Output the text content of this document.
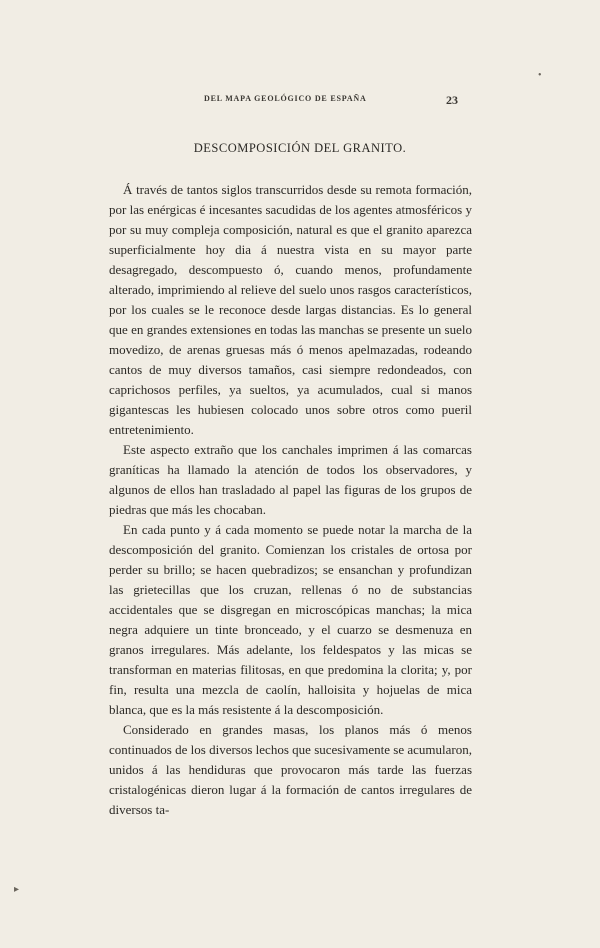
DEL MAPA GEOLÓGICO DE ESPAÑA	23
DESCOMPOSICIÓN DEL GRANITO.

Á través de tantos siglos transcurridos desde su remota formación, por las enérgicas é incesantes sacudidas de los agentes atmosféricos y por su muy compleja composición, natural es que el granito aparezca superficialmente hoy dia á nuestra vista en su mayor parte desagregado, descompuesto ó, cuando menos, profundamente alterado, imprimiendo al relieve del suelo unos rasgos característicos, por los cuales se le reconoce desde largas distancias. Es lo general que en grandes extensiones en todas las manchas se presente un suelo movedizo, de arenas gruesas más ó menos apelmazadas, rodeando cantos de muy diversos tamaños, casi siempre redondeados, con caprichosos perfiles, ya sueltos, ya acumulados, cual si manos gigantescas les hubiesen colocado unos sobre otros como pueril entretenimiento.

Este aspecto extraño que los canchales imprimen á las comarcas graníticas ha llamado la atención de todos los observadores, y algunos de ellos han trasladado al papel las figuras de los grupos de piedras que más les chocaban.

En cada punto y á cada momento se puede notar la marcha de la descomposición del granito. Comienzan los cristales de ortosa por perder su brillo; se hacen quebradizos; se ensanchan y profundizan las grietecillas que los cruzan, rellenas ó no de substancias accidentales que se disgregan en microscópicas manchas; la mica negra adquiere un tinte bronceado, y el cuarzo se desmenuza en granos irregulares. Más adelante, los feldespatos y las micas se transforman en materias filitosas, en que predomina la clorita; y, por fin, resulta una mezcla de caolín, halloisita y hojuelas de mica blanca, que es la más resistente á la descomposición.

Considerado en grandes masas, los planos más ó menos continuados de los diversos lechos que sucesivamente se acumularon, unidos á las hendiduras que provocaron más tarde las fuerzas cristalogénicas dieron lugar á la formación de cantos irregulares de diversos ta-

•
▸
